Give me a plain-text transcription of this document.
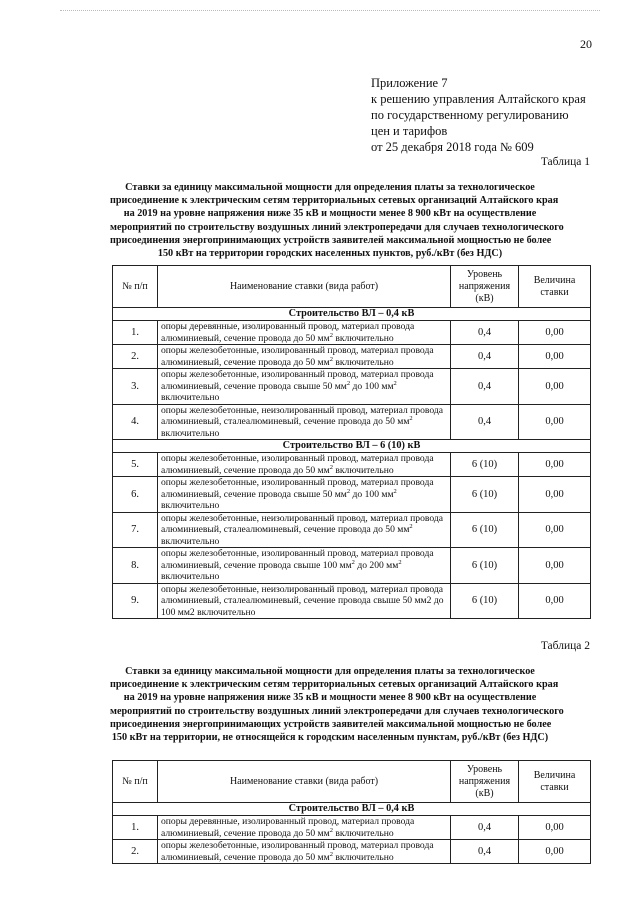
20
Приложение 7
к решению управления Алтайского края
по государственному регулированию
цен и тарифов
от 25 декабря 2018 года № 609
Таблица 1
Ставки за единицу максимальной мощности для определения платы за технологическое
присоединение к электрическим сетям территориальных сетевых организаций Алтайского края
на 2019 на уровне напряжения ниже 35 кВ и мощности менее 8 900 кВт на осуществление
мероприятий по строительству воздушных линий электропередачи для случаев технологического
присоединения энергопринимающих устройств заявителей максимальной мощностью не более
150 кВт на территории городских населенных пунктов, руб./кВт (без НДС)
№ п/п	Наименование ставки (вида работ)	Уровень напряжения (кВ)	Величина ставки
Строительство ВЛ – 0,4 кВ			
1.	опоры деревянные, изолированный провод, материал провода алюминиевый, сечение провода до 50 $мм^2$ включительно	0,4	0,00
2.	опоры железобетонные, изолированный провод, материал провода алюминиевый, сечение провода до 50 $мм^2$ включительно	0,4	0,00
3.	опоры железобетонные, изолированный провод, материал провода алюминиевый, сечение провода свыше 50 $мм^2$ до 100 $мм^2$ включительно	0,4	0,00
4.	опоры железобетонные, неизолированный провод, материал провода алюминиевый, сталеалюминевый, сечение провода до 50 $мм^2$ включительно	0,4	0,00
Строительство ВЛ – 6 (10) кВ			
5.	опоры железобетонные, изолированный провод, материал провода алюминиевый, сечение провода до 50 $мм^2$ включительно	6 (10)	0,00
6.	опоры железобетонные, изолированный провод, материал провода алюминиевый, сечение провода свыше 50 $мм^2$ до 100 $мм^2$ включительно	6 (10)	0,00
7.	опоры железобетонные, неизолированный провод, материал провода алюминиевый, сталеалюминевый, сечение провода до 50 $мм^2$ включительно	6 (10)	0,00
8.	опоры железобетонные, изолированный провод, материал провода алюминиевый, сечение провода свыше 100 $мм^2$ до 200 $мм^2$ включительно	6 (10)	0,00
9.	опоры железобетонные, неизолированный провод, материал провода алюминиевый, сталеалюминевый, сечение провода свыше 50 мм2 до 100 мм2 включительно	6 (10)	0,00
Таблица 2
Ставки за единицу максимальной мощности для определения платы за технологическое
присоединение к электрическим сетям территориальных сетевых организаций Алтайского края
на 2019 на уровне напряжения ниже 35 кВ и мощности менее 8 900 кВт на осуществление
мероприятий по строительству воздушных линий электропередачи для случаев технологического
присоединения энергопринимающих устройств заявителей максимальной мощностью не более
150 кВт на территории, не относящейся к городским населенным пунктам, руб./кВт (без НДС)
№ п/п	Наименование ставки (вида работ)	Уровень напряжения (кВ)	Величина ставки
Строительство ВЛ – 0,4 кВ			
1.	опоры деревянные, изолированный провод, материал провода алюминиевый, сечение провода до 50 $мм^2$ включительно	0,4	0,00
2.	опоры железобетонные, изолированный провод, материал провода алюминиевый, сечение провода до 50 $мм^2$ включительно	0,4	0,00
